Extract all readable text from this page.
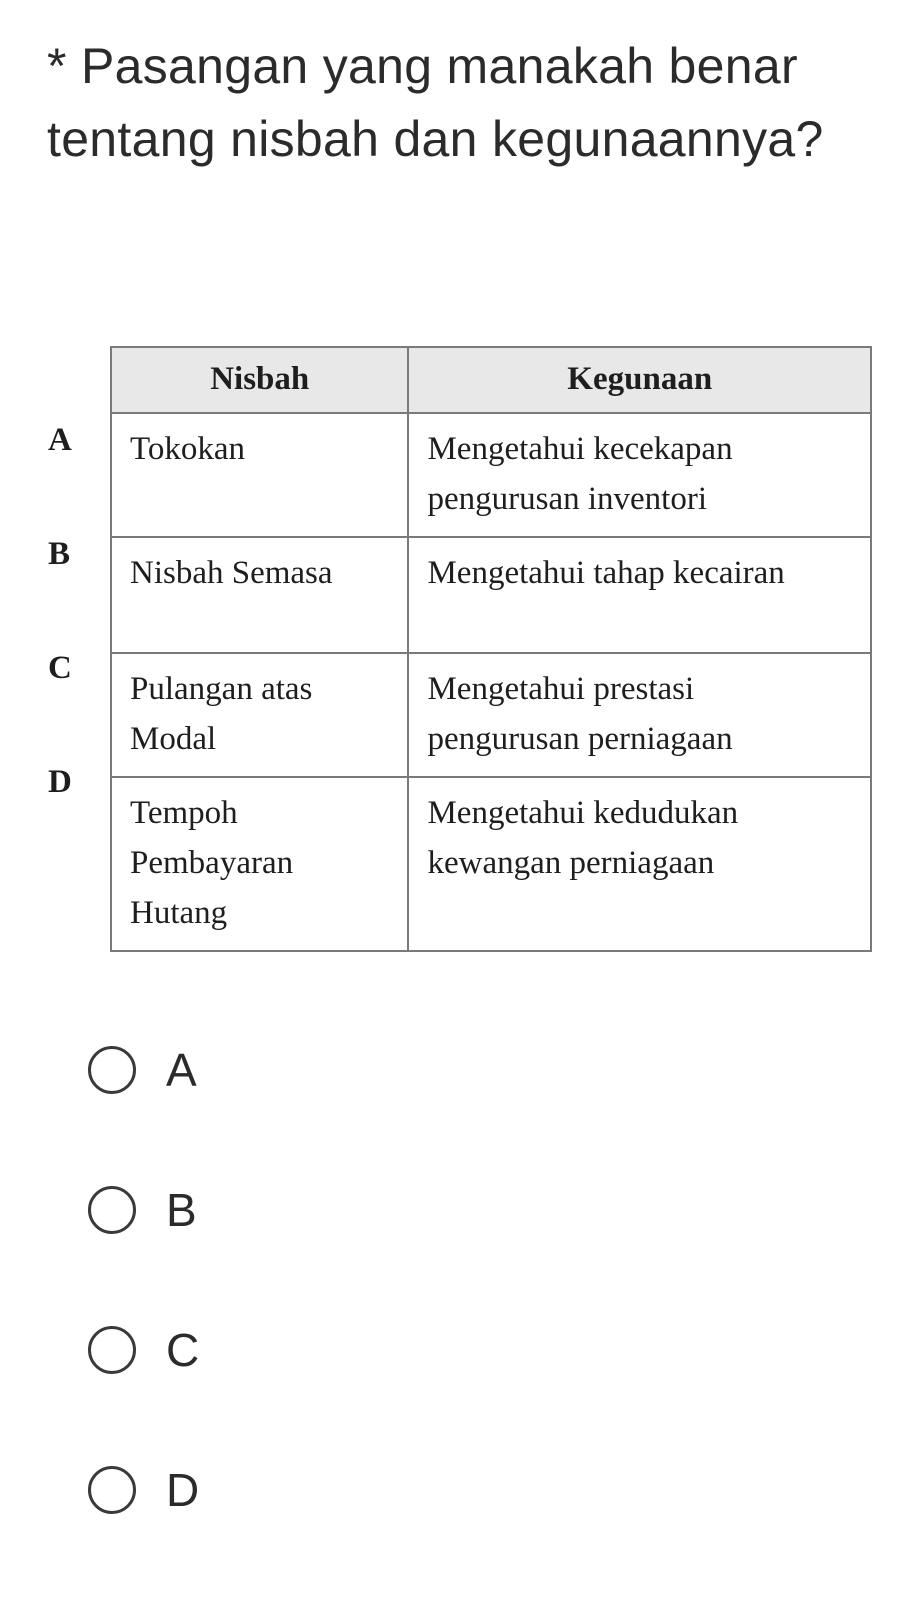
* Pasangan yang manakah benar tentang nisbah dan kegunaannya?
A
B
C
D
Nisbah	Kegunaan
Tokokan	Mengetahui kecekapan pengurusan inventori
Nisbah Semasa	Mengetahui tahap kecairan
Pulangan atas Modal	Mengetahui prestasi pengurusan perniagaan
Tempoh Pembayaran Hutang	Mengetahui kedudukan kewangan perniagaan
A
B
C
D
